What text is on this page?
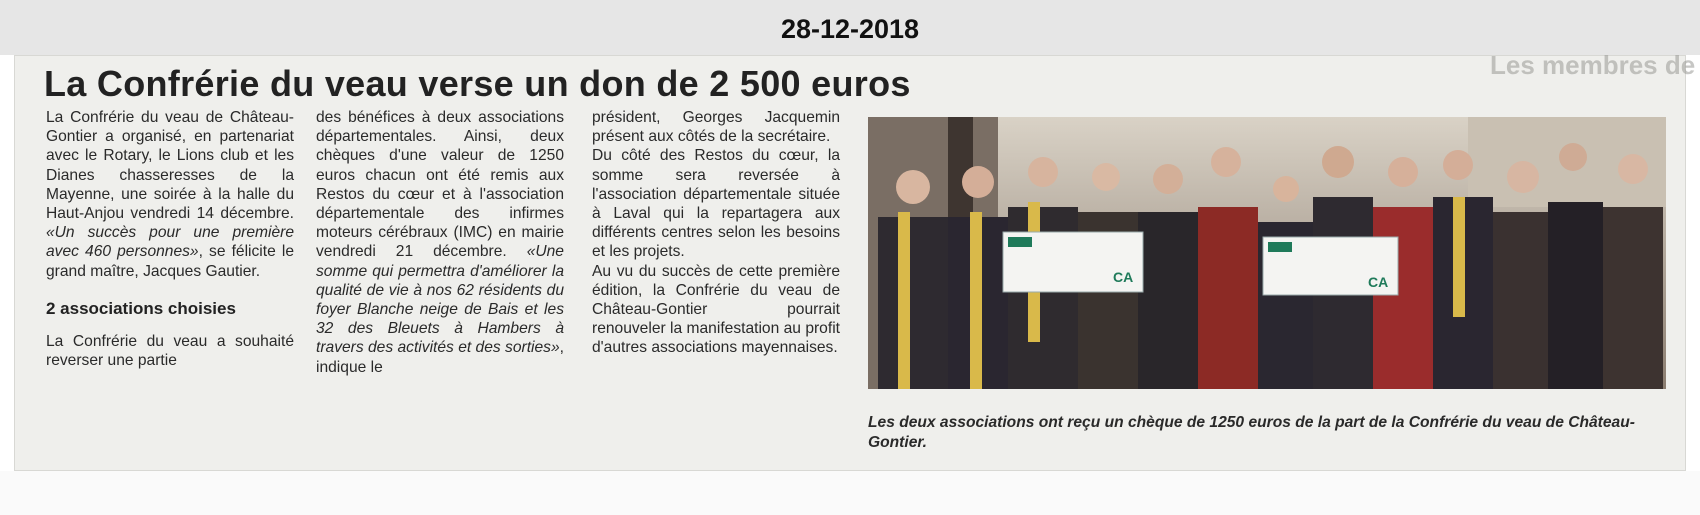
28-12-2018
Les membres de
La Confrérie du veau verse un don de 2 500 euros

La Confrérie du veau de Château-Gontier a organisé, en partenariat avec le Rotary, le Lions club et les Dianes chasseresses de la Mayenne, une soirée à la halle du Haut-Anjou vendredi 14 décembre. «Un succès pour une première avec 460 personnes», se félicite le grand maître, Jacques Gautier.

2 associations choisies

La Confrérie du veau a souhaité reverser une partie

des bénéfices à deux associations départementales. Ainsi, deux chèques d'une valeur de 1250 euros chacun ont été remis aux Restos du cœur et à l'association départementale des infirmes moteurs cérébraux (IMC) en mairie vendredi 21 décembre. «Une somme qui permettra d'améliorer la qualité de vie à nos 62 résidents du foyer Blanche neige de Bais et les 32 des Bleuets à Hambers à travers des activités et des sorties», indique le

président, Georges Jacquemin présent aux côtés de la secrétaire.

Du côté des Restos du cœur, la somme sera reversée à l'association départementale située à Laval qui la repartagera aux différents centres selon les besoins et les projets.

Au vu du succès de cette première édition, la Confrérie du veau de Château-Gontier pourrait renouveler la manifestation au profit d'autres associations mayennaises.

CA	CA
Les deux associations ont reçu un chèque de 1250 euros de la part de la Confrérie du veau de Château-Gontier.
